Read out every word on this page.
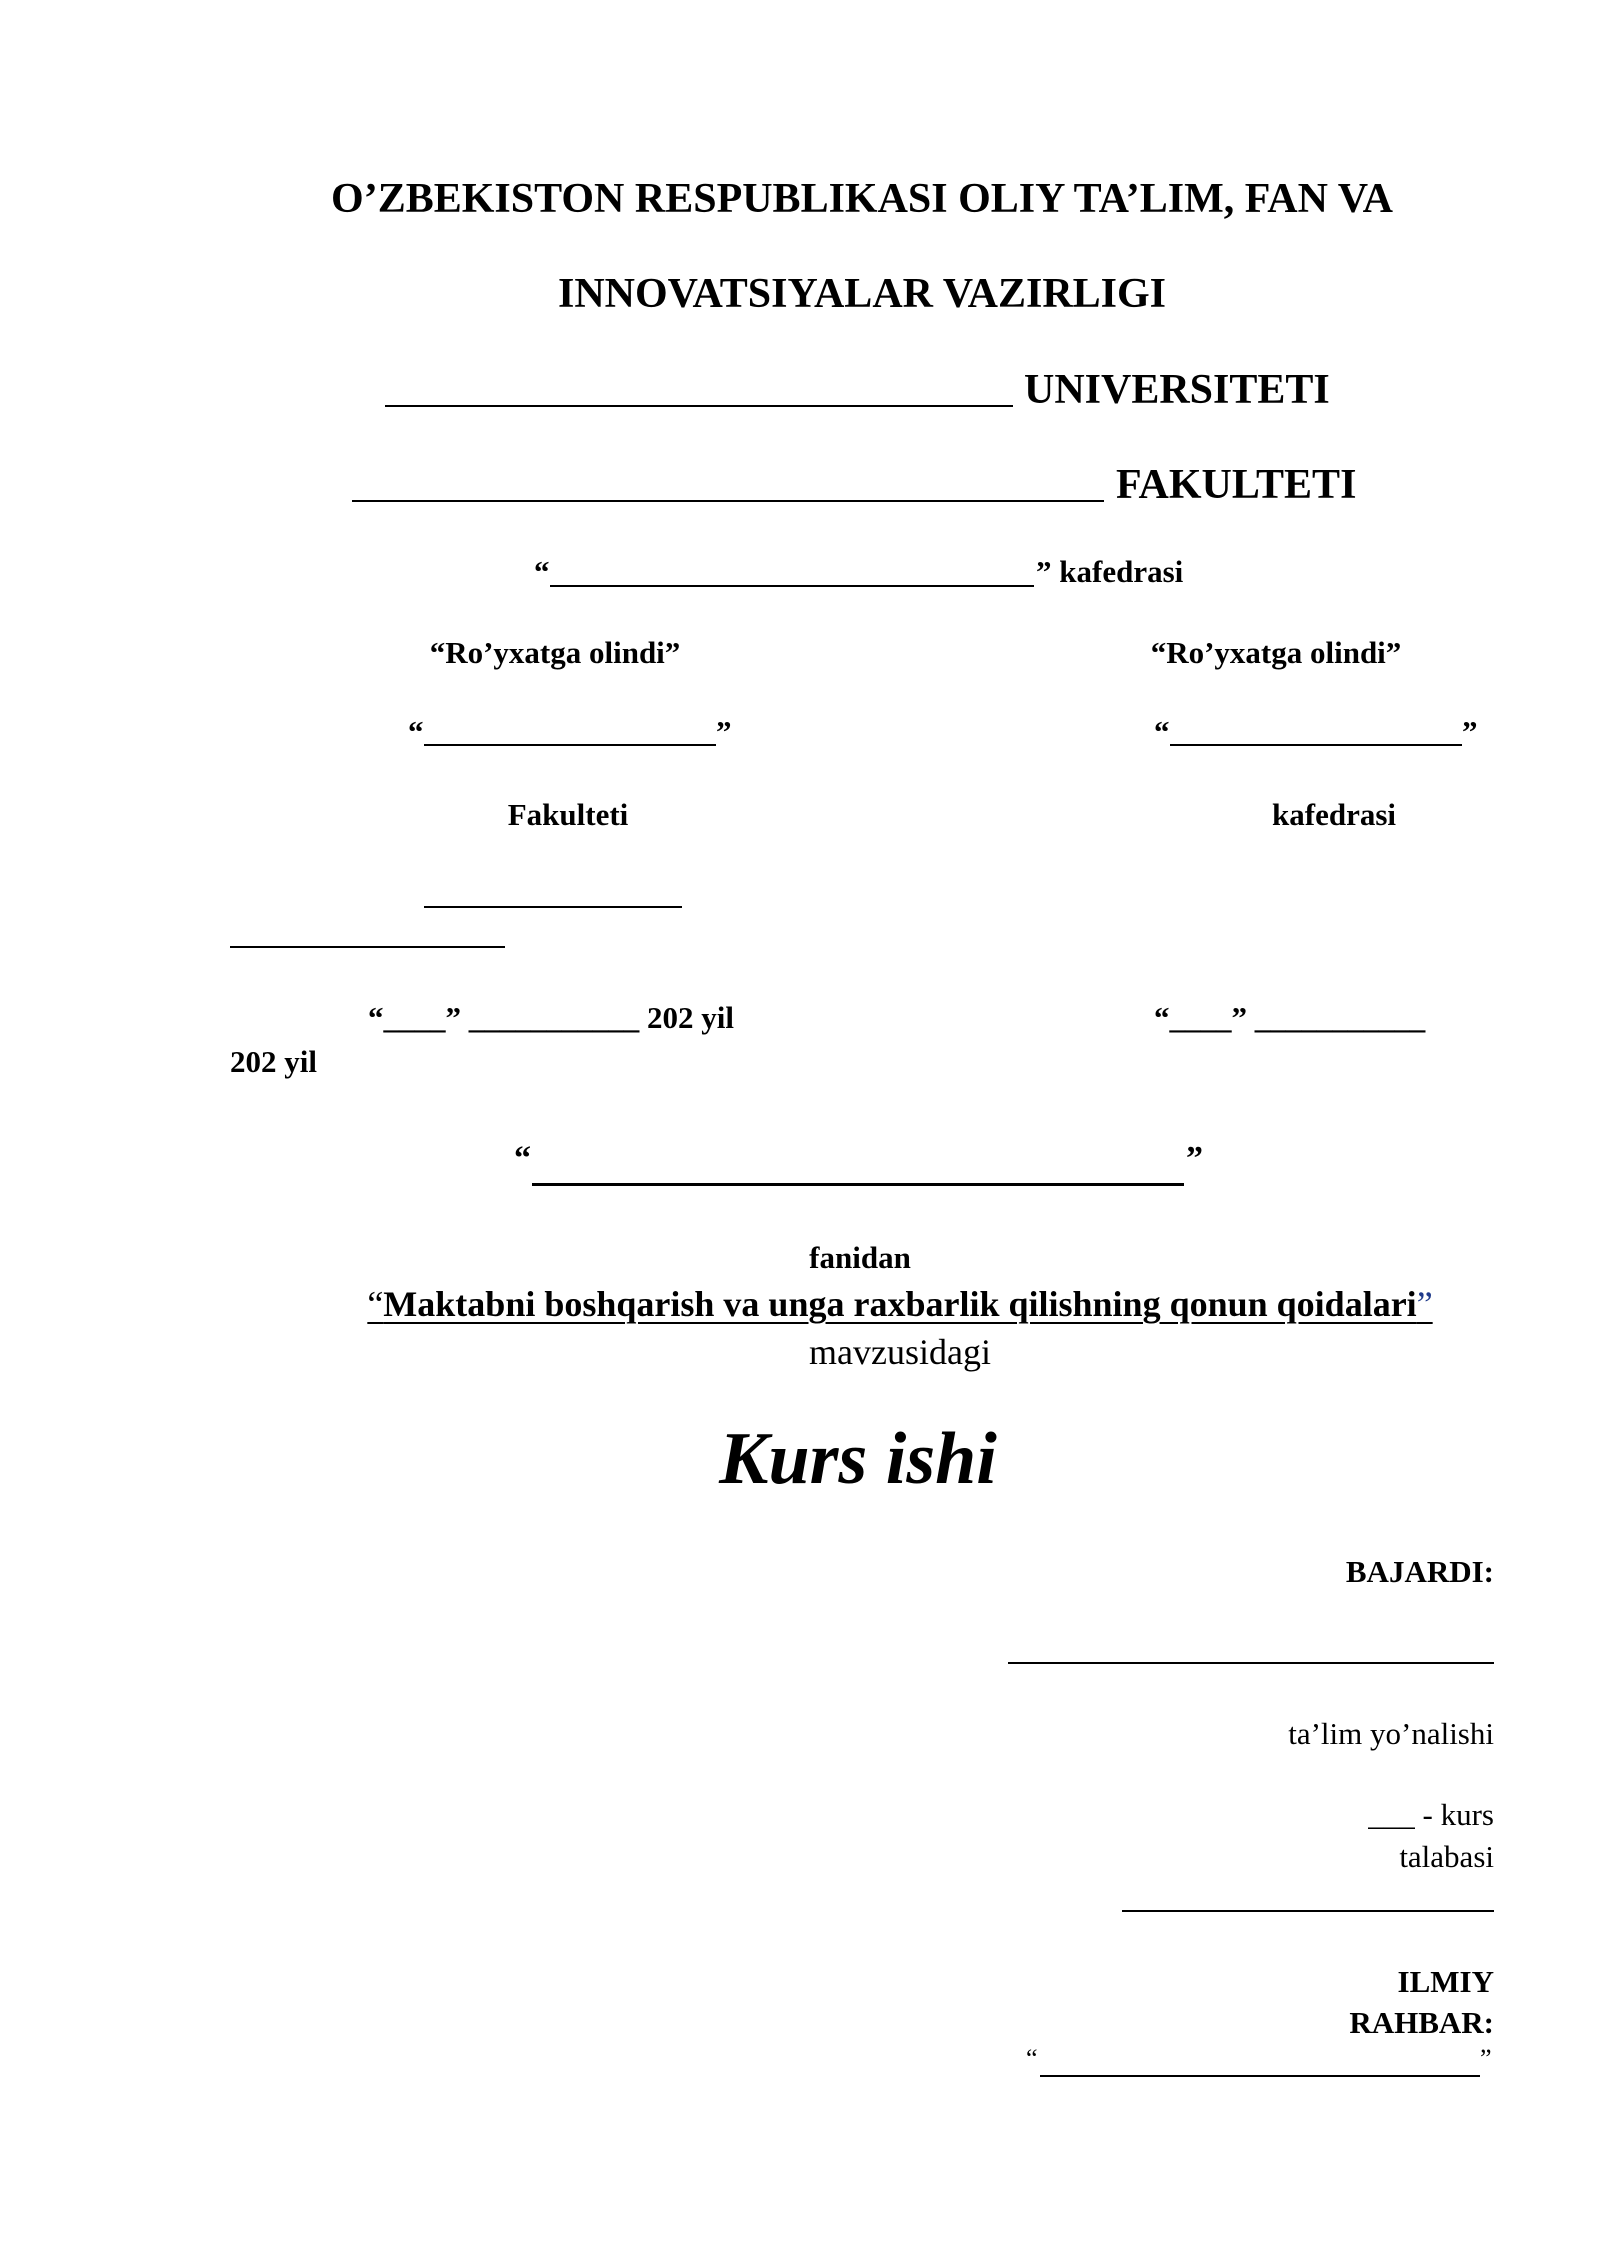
O’ZBEKISTON RESPUBLIKASI OLIY TA’LIM, FAN VA
INNOVATSIYALAR VAZIRLIGI
UNIVERSITETI
FAKULTETI
“	” kafedrasi
“Ro’yxatga olindi”	“Ro’yxatga olindi”
“	”	“	”
Fakulteti	kafedrasi
“____” ___________ 202 yil	“____” ___________
202 yil
“	”
fanidan
“Maktabni boshqarish va unga raxbarlik qilishning qonun qoidalari”
mavzusidagi
Kurs ishi
BAJARDI:
ta’lim yo’nalishi
___ - kurs
talabasi
ILMIY
RAHBAR:
“	”
